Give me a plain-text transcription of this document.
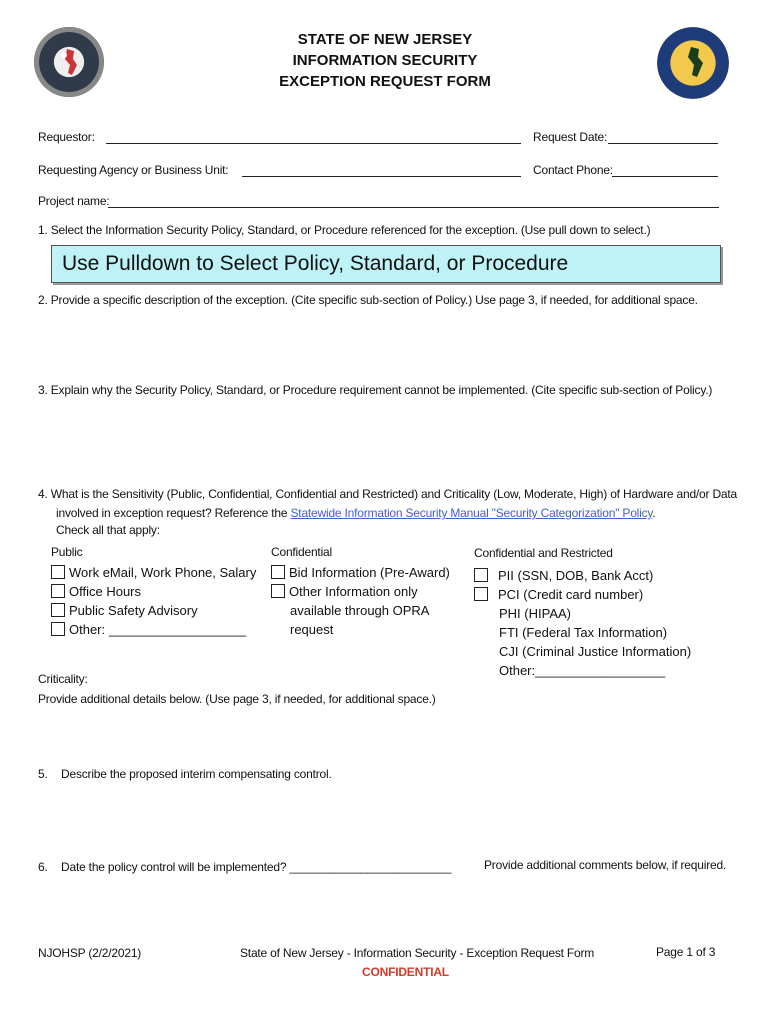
STATE OF NEW JERSEY
INFORMATION SECURITY
EXCEPTION REQUEST FORM
Requestor:	Request Date:
Requesting Agency or Business Unit:	Contact Phone:
Project name:
1. Select the Information Security Policy, Standard, or Procedure referenced for the exception. (Use pull down to select.)
Use Pulldown to Select Policy, Standard, or Procedure
2. Provide a specific description of the exception. (Cite specific sub-section of Policy.) Use page 3, if needed, for additional space.
3. Explain why the Security Policy, Standard, or Procedure requirement cannot be implemented. (Cite specific sub-section of Policy.)
4. What is the Sensitivity (Public, Confidential, Confidential and Restricted) and Criticality (Low, Moderate, High) of Hardware and/or Data
involved in exception request? Reference the Statewide Information Security Manual "Security Categorization" Policy.
Check all that apply:
Public
Work eMail, Work Phone, Salary
Office Hours
Public Safety Advisory
Other: ___________________
Confidential
Bid Information (Pre-Award)
Other Information only
available through OPRA
request
Confidential and Restricted
PII (SSN, DOB, Bank Acct)
PCI (Credit card number)
PHI (HIPAA)
FTI (Federal Tax Information)
CJI (Criminal Justice Information)
Other:__________________
Criticality:
Provide additional details below. (Use page 3, if needed, for additional space.)
5. Describe the proposed interim compensating control.
6. Date the policy control will be implemented? _________________________	Provide additional comments below, if required.
NJOHSP (2/2/2021)	State of New Jersey - Information Security - Exception Request Form
CONFIDENTIAL
Page 1 of 3
